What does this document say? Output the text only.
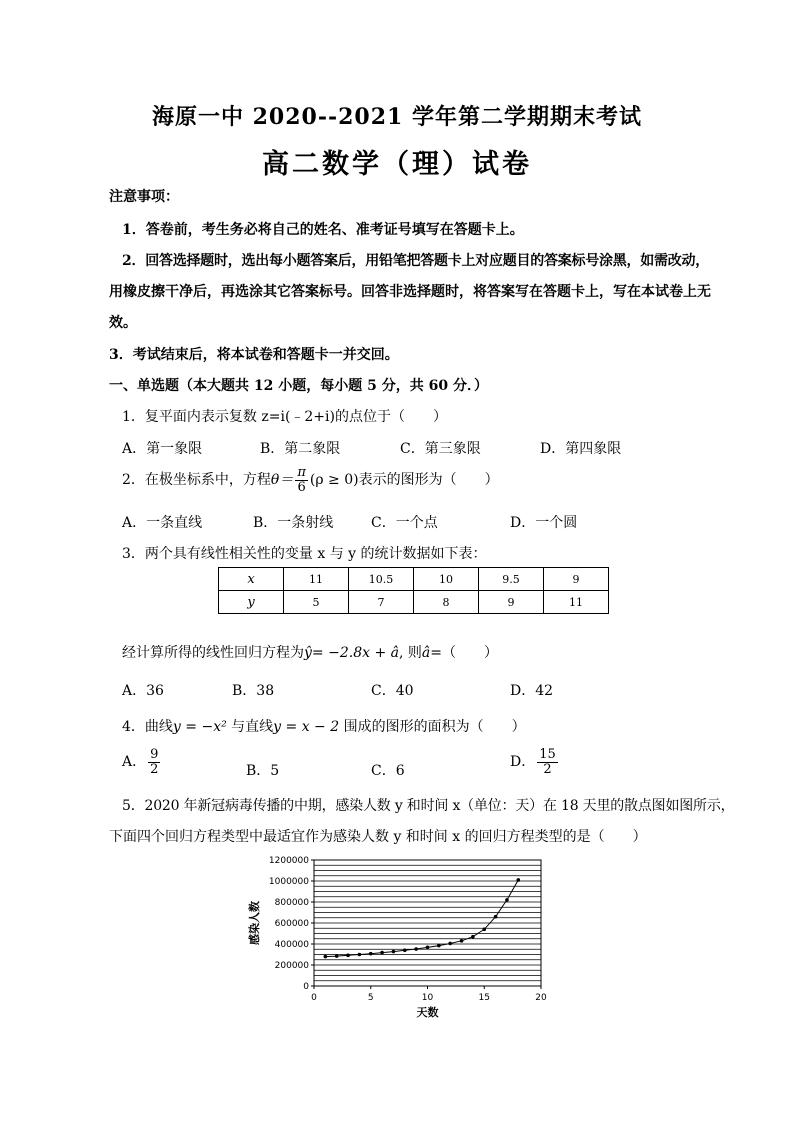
海原一中 2020--2021 学年第二学期期末考试
高二数学（理）试卷
注意事项：
1．答卷前，考生务必将自己的姓名、准考证号填写在答题卡上。
2．回答选择题时，选出每小题答案后，用铅笔把答题卡上对应题目的答案标号涂黑，如需改动，
用橡皮擦干净后，再选涂其它答案标号。回答非选择题时，将答案写在答题卡上，写在本试卷上无
效。
3．考试结束后，将本试卷和答题卡一并交回。
一、单选题（本大题共 12 小题，每小题 5 分，共 60 分．）
1．复平面内表示复数 z=i(﹣2+i)的点位于（　　）
A．第一象限	B．第二象限	C．第三象限	D．第四象限
2．在极坐标系中，方程$\theta= \frac{\pi}{6} (\rho \ge 0)$表示的图形为（　　）
A．一条直线	B．一条射线	C．一个点	D．一个圆
3．两个具有线性相关性的变量 x 与 y 的统计数据如下表：
x	11	10.5	10	9.5	9
y	5	7	8	9	11
经计算所得的线性回归方程为ŷ= −2.8x + â, 则â=（　　）
A．36	B．38	C．40	D．42
4．曲线y = −x² 与直线y = x − 2 围成的图形的面积为（　　）
A． $\frac{9}{2}$	B．5	C．6
D． $\frac{15}{2}$
5．2020 年新冠病毒传播的中期，感染人数 y 和时间 x（单位：天）在 18 天里的散点图如图所示，
下面四个回归方程类型中最适宜作为感染人数 y 和时间 x 的回归方程类型的是（　　）
0
200000
400000
600000
800000
1000000
1200000
0	5	10	15	20
天数
感染人数
